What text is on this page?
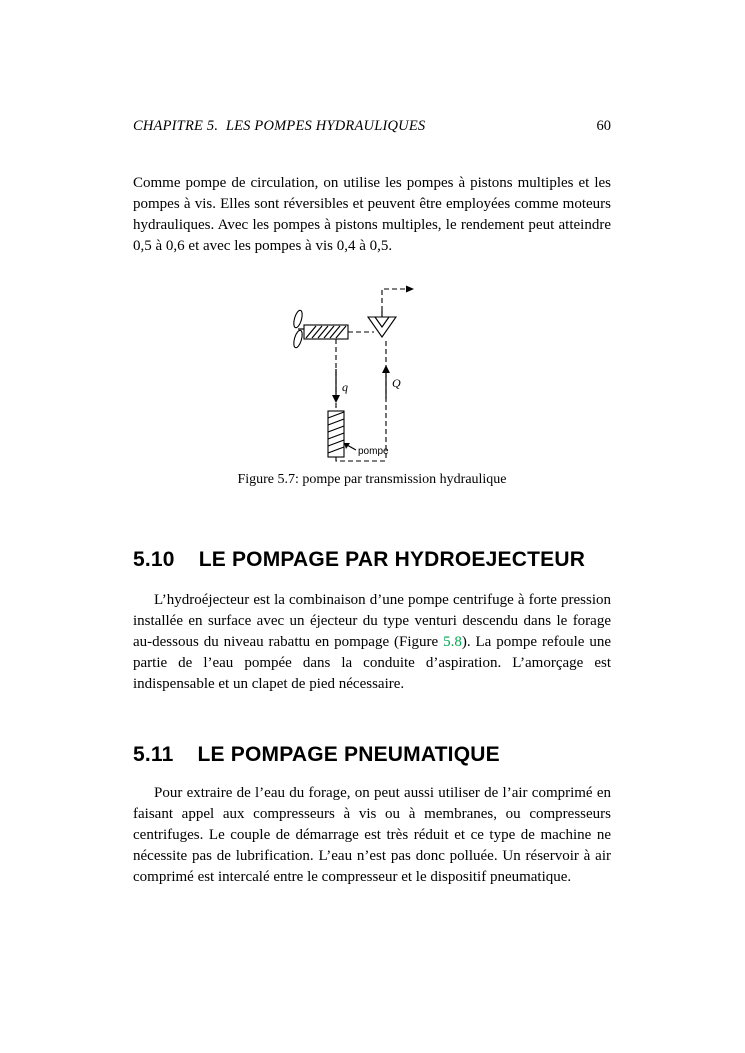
CHAPITRE 5.  LES POMPES HYDRAULIQUES	60

Comme pompe de circulation, on utilise les pompes à pistons multiples et les pompes à vis. Elles sont réversibles et peuvent être employées comme moteurs hydrauliques. Avec les pompes à pistons multiples, le rendement peut atteindre 0,5 à 0,6 et avec les pompes à vis 0,4 à 0,5.

q	Q
pompe
Figure 5.7: pompe par transmission hydraulique
5.10 LE POMPAGE PAR HYDROEJECTEUR

L’hydroéjecteur est la combinaison d’une pompe centrifuge à forte pression installée en surface avec un éjecteur du type venturi descendu dans le forage au-dessous du niveau rabattu en pompage (Figure 5.8). La pompe refoule une partie de l’eau pompée dans la conduite d’aspiration. L’amorçage est indispensable et un clapet de pied nécessaire.

5.11 LE POMPAGE PNEUMATIQUE

Pour extraire de l’eau du forage, on peut aussi utiliser de l’air comprimé en faisant appel aux compresseurs à vis ou à membranes, ou compresseurs centrifuges. Le couple de démarrage est très réduit et ce type de machine ne nécessite pas de lubrification. L’eau n’est pas donc polluée. Un réservoir à air comprimé est intercalé entre le compresseur et le dispositif pneumatique.
